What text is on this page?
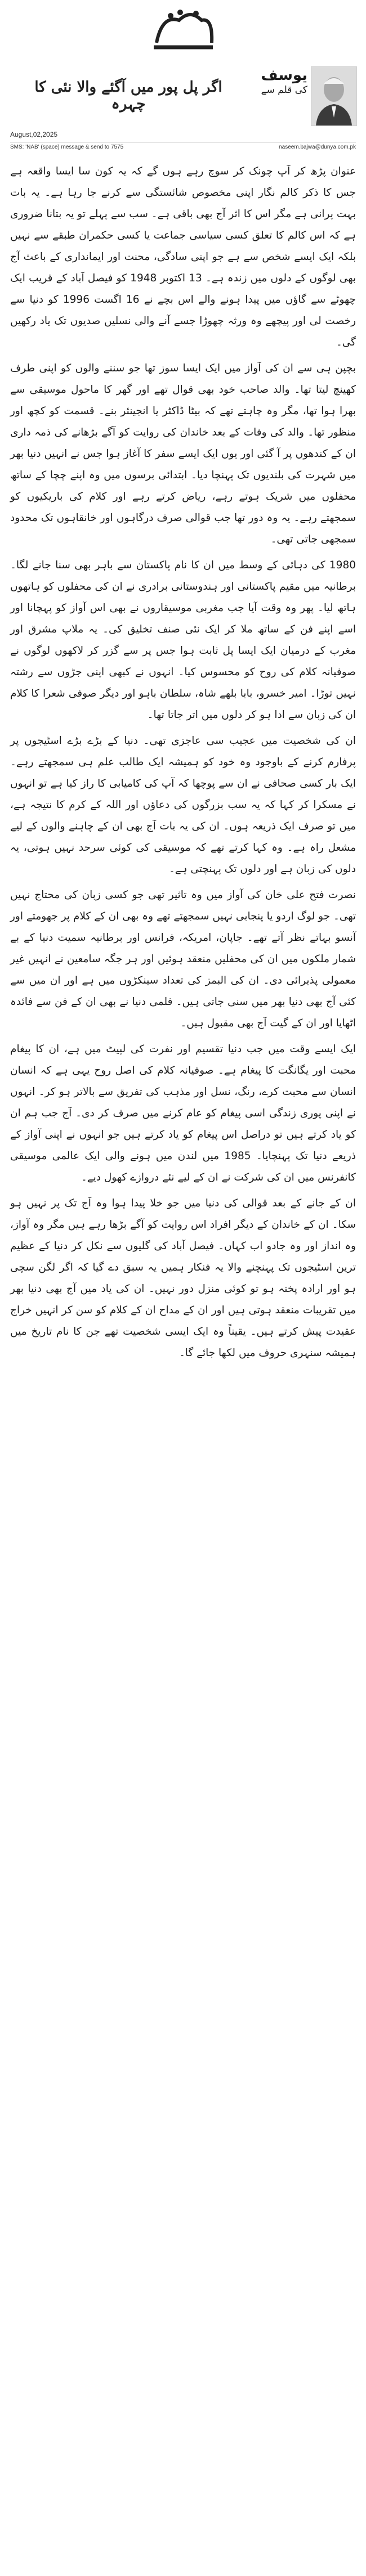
یوسف
کی قلم سے
اگر پل پور میں آگئے والا نئی کا چہرہ
August,02,2025
SMS: 'NAB' (space) message & send to 7575	naseem.bajwa@dunya.com.pk

عنوان پڑھ کر آپ چونک کر سوچ رہے ہوں گے کہ یہ کون سا ایسا واقعہ ہے جس کا ذکر کالم نگار اپنی مخصوص شائستگی سے کرنے جا رہا ہے۔ یہ بات بہت پرانی ہے مگر اس کا اثر آج بھی باقی ہے۔ سب سے پہلے تو یہ بتانا ضروری ہے کہ اس کالم کا تعلق کسی سیاسی جماعت یا کسی حکمران طبقے سے نہیں بلکہ ایک ایسے شخص سے ہے جو اپنی سادگی، محنت اور ایمانداری کے باعث آج بھی لوگوں کے دلوں میں زندہ ہے۔ 13 اکتوبر 1948 کو فیصل آباد کے قریب ایک چھوٹے سے گاؤں میں پیدا ہونے والے اس بچے نے 16 اگست 1996 کو دنیا سے رخصت لی اور پیچھے وہ ورثہ چھوڑا جسے آنے والی نسلیں صدیوں تک یاد رکھیں گی۔

بچپن ہی سے ان کی آواز میں ایک ایسا سوز تھا جو سننے والوں کو اپنی طرف کھینچ لیتا تھا۔ والد صاحب خود بھی قوال تھے اور گھر کا ماحول موسیقی سے بھرا ہوا تھا، مگر وہ چاہتے تھے کہ بیٹا ڈاکٹر یا انجینئر بنے۔ قسمت کو کچھ اور منظور تھا۔ والد کی وفات کے بعد خاندان کی روایت کو آگے بڑھانے کی ذمہ داری ان کے کندھوں پر آ گئی اور یوں ایک ایسے سفر کا آغاز ہوا جس نے انہیں دنیا بھر میں شہرت کی بلندیوں تک پہنچا دیا۔ ابتدائی برسوں میں وہ اپنے چچا کے ساتھ محفلوں میں شریک ہوتے رہے، ریاض کرتے رہے اور کلام کی باریکیوں کو سمجھتے رہے۔ یہ وہ دور تھا جب قوالی صرف درگاہوں اور خانقاہوں تک محدود سمجھی جاتی تھی۔

1980 کی دہائی کے وسط میں ان کا نام پاکستان سے باہر بھی سنا جانے لگا۔ برطانیہ میں مقیم پاکستانی اور ہندوستانی برادری نے ان کی محفلوں کو ہاتھوں ہاتھ لیا۔ پھر وہ وقت آیا جب مغربی موسیقاروں نے بھی اس آواز کو پہچانا اور اسے اپنے فن کے ساتھ ملا کر ایک نئی صنف تخلیق کی۔ یہ ملاپ مشرق اور مغرب کے درمیان ایک ایسا پل ثابت ہوا جس پر سے گزر کر لاکھوں لوگوں نے صوفیانہ کلام کی روح کو محسوس کیا۔ انہوں نے کبھی اپنی جڑوں سے رشتہ نہیں توڑا۔ امیر خسرو، بابا بلھے شاہ، سلطان باہو اور دیگر صوفی شعرا کا کلام ان کی زبان سے ادا ہو کر دلوں میں اتر جاتا تھا۔

ان کی شخصیت میں عجیب سی عاجزی تھی۔ دنیا کے بڑے بڑے اسٹیجوں پر پرفارم کرنے کے باوجود وہ خود کو ہمیشہ ایک طالب علم ہی سمجھتے رہے۔ ایک بار کسی صحافی نے ان سے پوچھا کہ آپ کی کامیابی کا راز کیا ہے تو انہوں نے مسکرا کر کہا کہ یہ سب بزرگوں کی دعاؤں اور اللہ کے کرم کا نتیجہ ہے، میں تو صرف ایک ذریعہ ہوں۔ ان کی یہ بات آج بھی ان کے چاہنے والوں کے لیے مشعل راہ ہے۔ وہ کہا کرتے تھے کہ موسیقی کی کوئی سرحد نہیں ہوتی، یہ دلوں کی زبان ہے اور دلوں تک پہنچتی ہے۔

نصرت فتح علی خان کی آواز میں وہ تاثیر تھی جو کسی زبان کی محتاج نہیں تھی۔ جو لوگ اردو یا پنجابی نہیں سمجھتے تھے وہ بھی ان کے کلام پر جھومتے اور آنسو بہاتے نظر آتے تھے۔ جاپان، امریکہ، فرانس اور برطانیہ سمیت دنیا کے بے شمار ملکوں میں ان کی محفلیں منعقد ہوئیں اور ہر جگہ سامعین نے انہیں غیر معمولی پذیرائی دی۔ ان کی البمز کی تعداد سینکڑوں میں ہے اور ان میں سے کئی آج بھی دنیا بھر میں سنی جاتی ہیں۔ فلمی دنیا نے بھی ان کے فن سے فائدہ اٹھایا اور ان کے گیت آج بھی مقبول ہیں۔

ایک ایسے وقت میں جب دنیا تقسیم اور نفرت کی لپیٹ میں ہے، ان کا پیغام محبت اور یگانگت کا پیغام ہے۔ صوفیانہ کلام کی اصل روح یہی ہے کہ انسان انسان سے محبت کرے، رنگ، نسل اور مذہب کی تفریق سے بالاتر ہو کر۔ انہوں نے اپنی پوری زندگی اسی پیغام کو عام کرنے میں صرف کر دی۔ آج جب ہم ان کو یاد کرتے ہیں تو دراصل اس پیغام کو یاد کرتے ہیں جو انہوں نے اپنی آواز کے ذریعے دنیا تک پہنچایا۔ 1985 میں لندن میں ہونے والی ایک عالمی موسیقی کانفرنس میں ان کی شرکت نے ان کے لیے نئے دروازے کھول دیے۔

ان کے جانے کے بعد قوالی کی دنیا میں جو خلا پیدا ہوا وہ آج تک پر نہیں ہو سکا۔ ان کے خاندان کے دیگر افراد اس روایت کو آگے بڑھا رہے ہیں مگر وہ آواز، وہ انداز اور وہ جادو اب کہاں۔ فیصل آباد کی گلیوں سے نکل کر دنیا کے عظیم ترین اسٹیجوں تک پہنچنے والا یہ فنکار ہمیں یہ سبق دے گیا کہ اگر لگن سچی ہو اور ارادہ پختہ ہو تو کوئی منزل دور نہیں۔ ان کی یاد میں آج بھی دنیا بھر میں تقریبات منعقد ہوتی ہیں اور ان کے مداح ان کے کلام کو سن کر انہیں خراج عقیدت پیش کرتے ہیں۔ یقیناً وہ ایک ایسی شخصیت تھے جن کا نام تاریخ میں ہمیشہ سنہری حروف میں لکھا جائے گا۔
